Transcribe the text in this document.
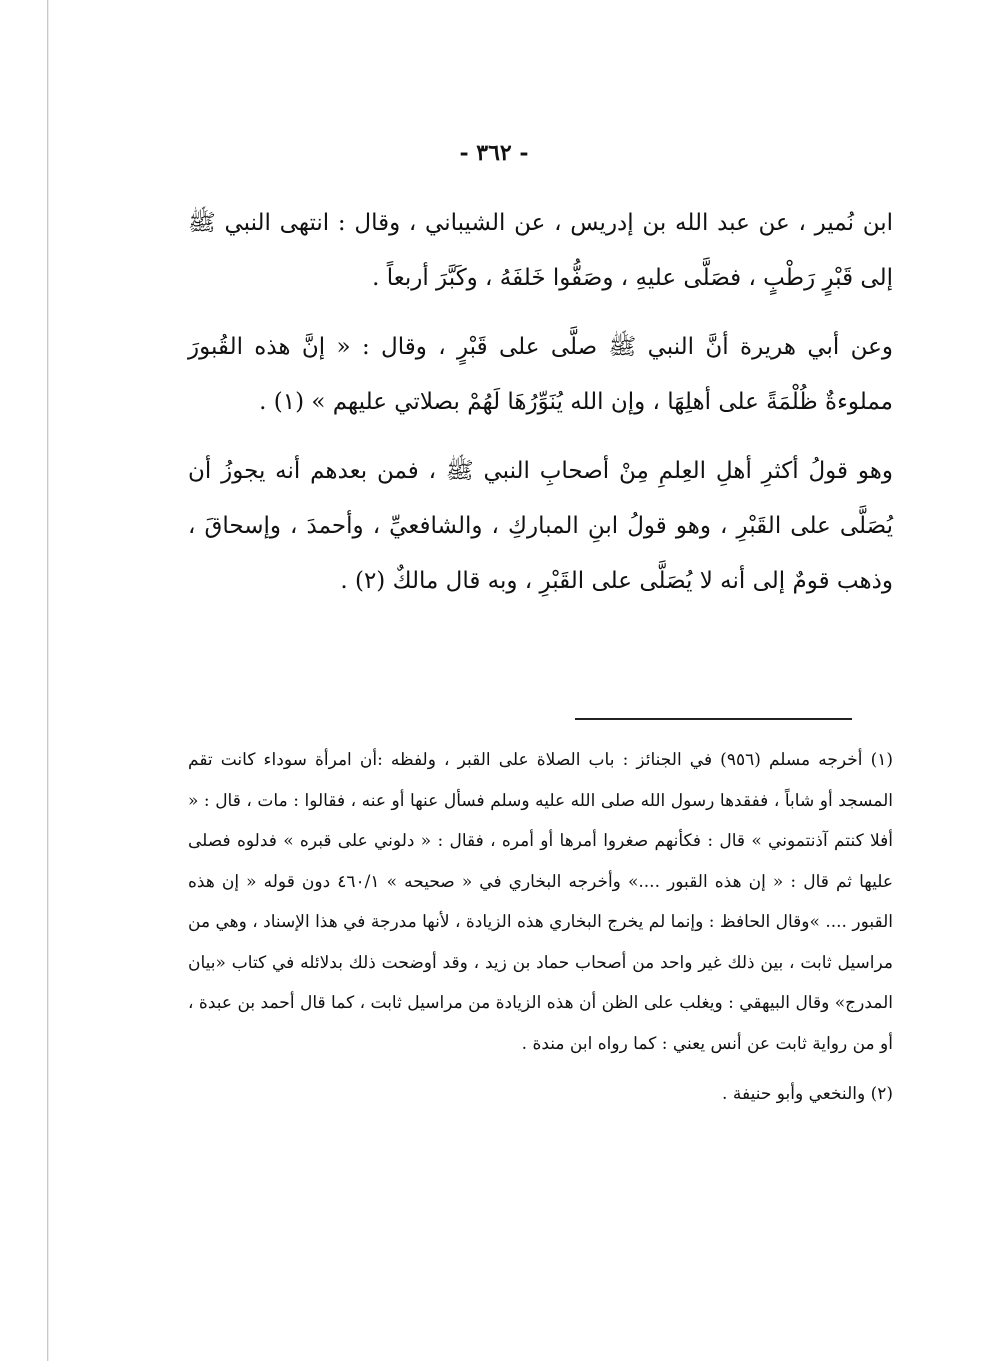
- ٣٦٢ -

ابن نُمير ، عن عبد الله بن إدريس ، عن الشيباني ، وقال : انتهى النبي ﷺ إلى قَبْرٍ رَطْبٍ ، فصَلَّى عليهِ ، وصَفُّوا خَلفَهُ ، وكَبَّرَ أربعاً .

وعن أبي هريرة أنَّ النبي ﷺ صلَّى على قَبْرٍ ، وقال : « إنَّ هذه القُبورَ مملوءةٌ ظُلْمَةً على أهلِهَا ، وإن الله يُنَوِّرُهَا لَهُمْ بصلاتي عليهم » (١) .

وهو قولُ أكثرِ أهلِ العِلمِ مِنْ أصحابِ النبي ﷺ ، فمن بعدهم أنه يجوزُ أن يُصَلَّى على القَبْرِ ، وهو قولُ ابنِ المباركِ ، والشافعيِّ ، وأحمدَ ، وإسحاقَ ، وذهب قومٌ إلى أنه لا يُصَلَّى على القَبْرِ ، وبه قال مالكٌ (٢) .

(١) أخرجه مسلم (٩٥٦) في الجنائز : باب الصلاة على القبر ، ولفظه :أن امرأة سوداء كانت تقم المسجد أو شاباً ، ففقدها رسول الله صلى الله عليه وسلم فسأل عنها أو عنه ، فقالوا : مات ، قال : « أفلا كنتم آذنتموني » قال : فكأنهم صغروا أمرها أو أمره ، فقال : « دلوني على قبره » فدلوه فصلى عليها ثم قال : « إن هذه القبور ....» وأخرجه البخاري في « صحيحه » ٤٦٠/١ دون قوله « إن هذه القبور .... »وقال الحافظ : وإنما لم يخرج البخاري هذه الزيادة ، لأنها مدرجة في هذا الإسناد ، وهي من مراسيل ثابت ، بين ذلك غير واحد من أصحاب حماد بن زيد ، وقد أوضحت ذلك بدلائله في كتاب «بيان المدرج» وقال البيهقي : ويغلب على الظن أن هذه الزيادة من مراسيل ثابت ، كما قال أحمد بن عبدة ، أو من رواية ثابت عن أنس يعني : كما رواه ابن مندة .

(٢) والنخعي وأبو حنيفة .
